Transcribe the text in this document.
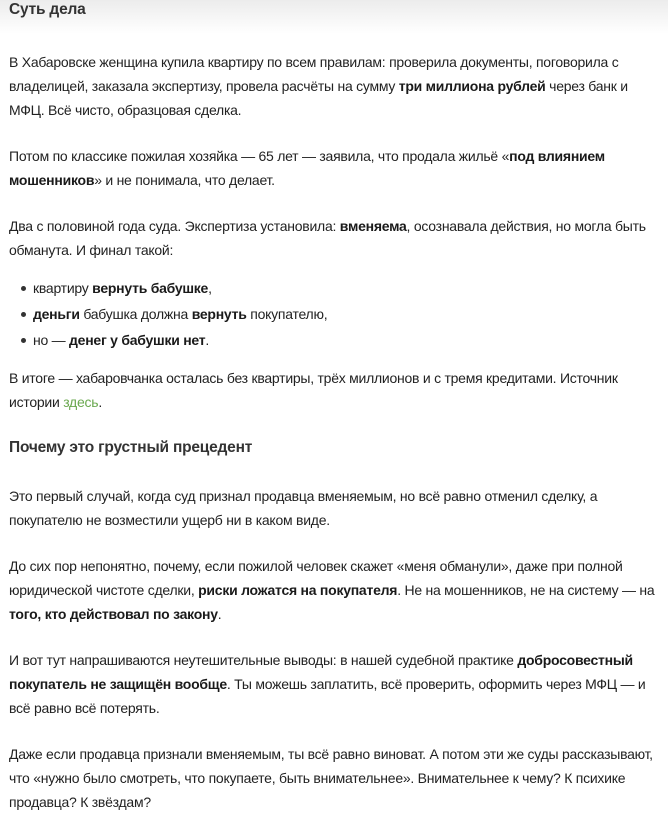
Суть дела

В Хабаровске женщина купила квартиру по всем правилам: проверила документы, поговорила с владелицей, заказала экспертизу, провела расчёты на сумму три миллиона рублей через банк и МФЦ. Всё чисто, образцовая сделка.

Потом по классике пожилая хозяйка — 65 лет — заявила, что продала жильё «под влиянием мошенников» и не понимала, что делает.

Два с половиной года суда. Экспертиза установила: вменяема, осознавала действия, но могла быть обманута. И финал такой:

квартиру вернуть бабушке,
деньги бабушка должна вернуть покупателю,
но — денег у бабушки нет.

В итоге — хабаровчанка осталась без квартиры, трёх миллионов и с тремя кредитами. Источник истории здесь.

Почему это грустный прецедент

Это первый случай, когда суд признал продавца вменяемым, но всё равно отменил сделку, а покупателю не возместили ущерб ни в каком виде.

До сих пор непонятно, почему, если пожилой человек скажет «меня обманули», даже при полной юридической чистоте сделки, риски ложатся на покупателя. Не на мошенников, не на систему — на того, кто действовал по закону.

И вот тут напрашиваются неутешительные выводы: в нашей судебной практике добросовестный покупатель не защищён вообще. Ты можешь заплатить, всё проверить, оформить через МФЦ — и всё равно всё потерять.

Даже если продавца признали вменяемым, ты всё равно виноват. А потом эти же суды рассказывают, что «нужно было смотреть, что покупаете, быть внимательнее». Внимательнее к чему? К психике продавца? К звёздам?
